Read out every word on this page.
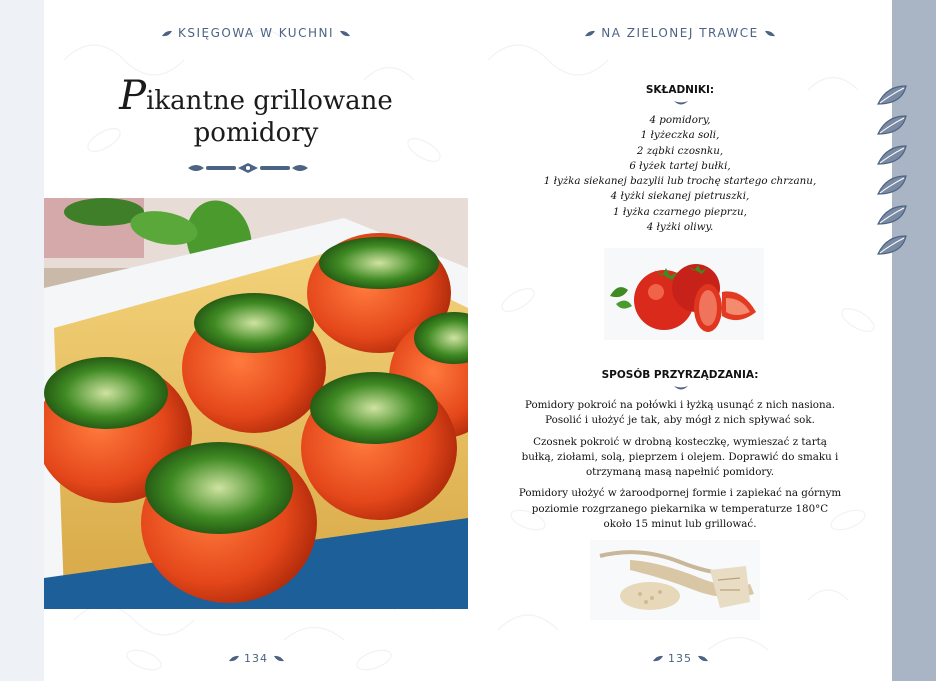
KSIĘGOWA W KUCHNI
Pikantne grillowane
pomidory
134
NA ZIELONEJ TRAWCE
SKŁADNIKI:
4 pomidory,
1 łyżeczka soli,
2 ząbki czosnku,
6 łyżek tartej bułki,
1 łyżka siekanej bazylii lub trochę startego chrzanu,
4 łyżki siekanej pietruszki,
1 łyżka czarnego pieprzu,
4 łyżki oliwy.
SPOSÓB PRZYRZĄDZANIA:

Pomidory pokroić na połówki i łyżką usunąć z nich nasiona. Posolić i ułożyć je tak, aby mógł z nich spływać sok.

Czosnek pokroić w drobną kosteczkę, wymieszać z tartą bułką, ziołami, solą, pieprzem i olejem. Doprawić do smaku i otrzymaną masą napełnić pomidory.

Pomidory ułożyć w żaroodpornej formie i zapiekać na górnym poziomie rozgrzanego piekarnika w temperaturze 180°C około 15 minut lub grillować.

135
